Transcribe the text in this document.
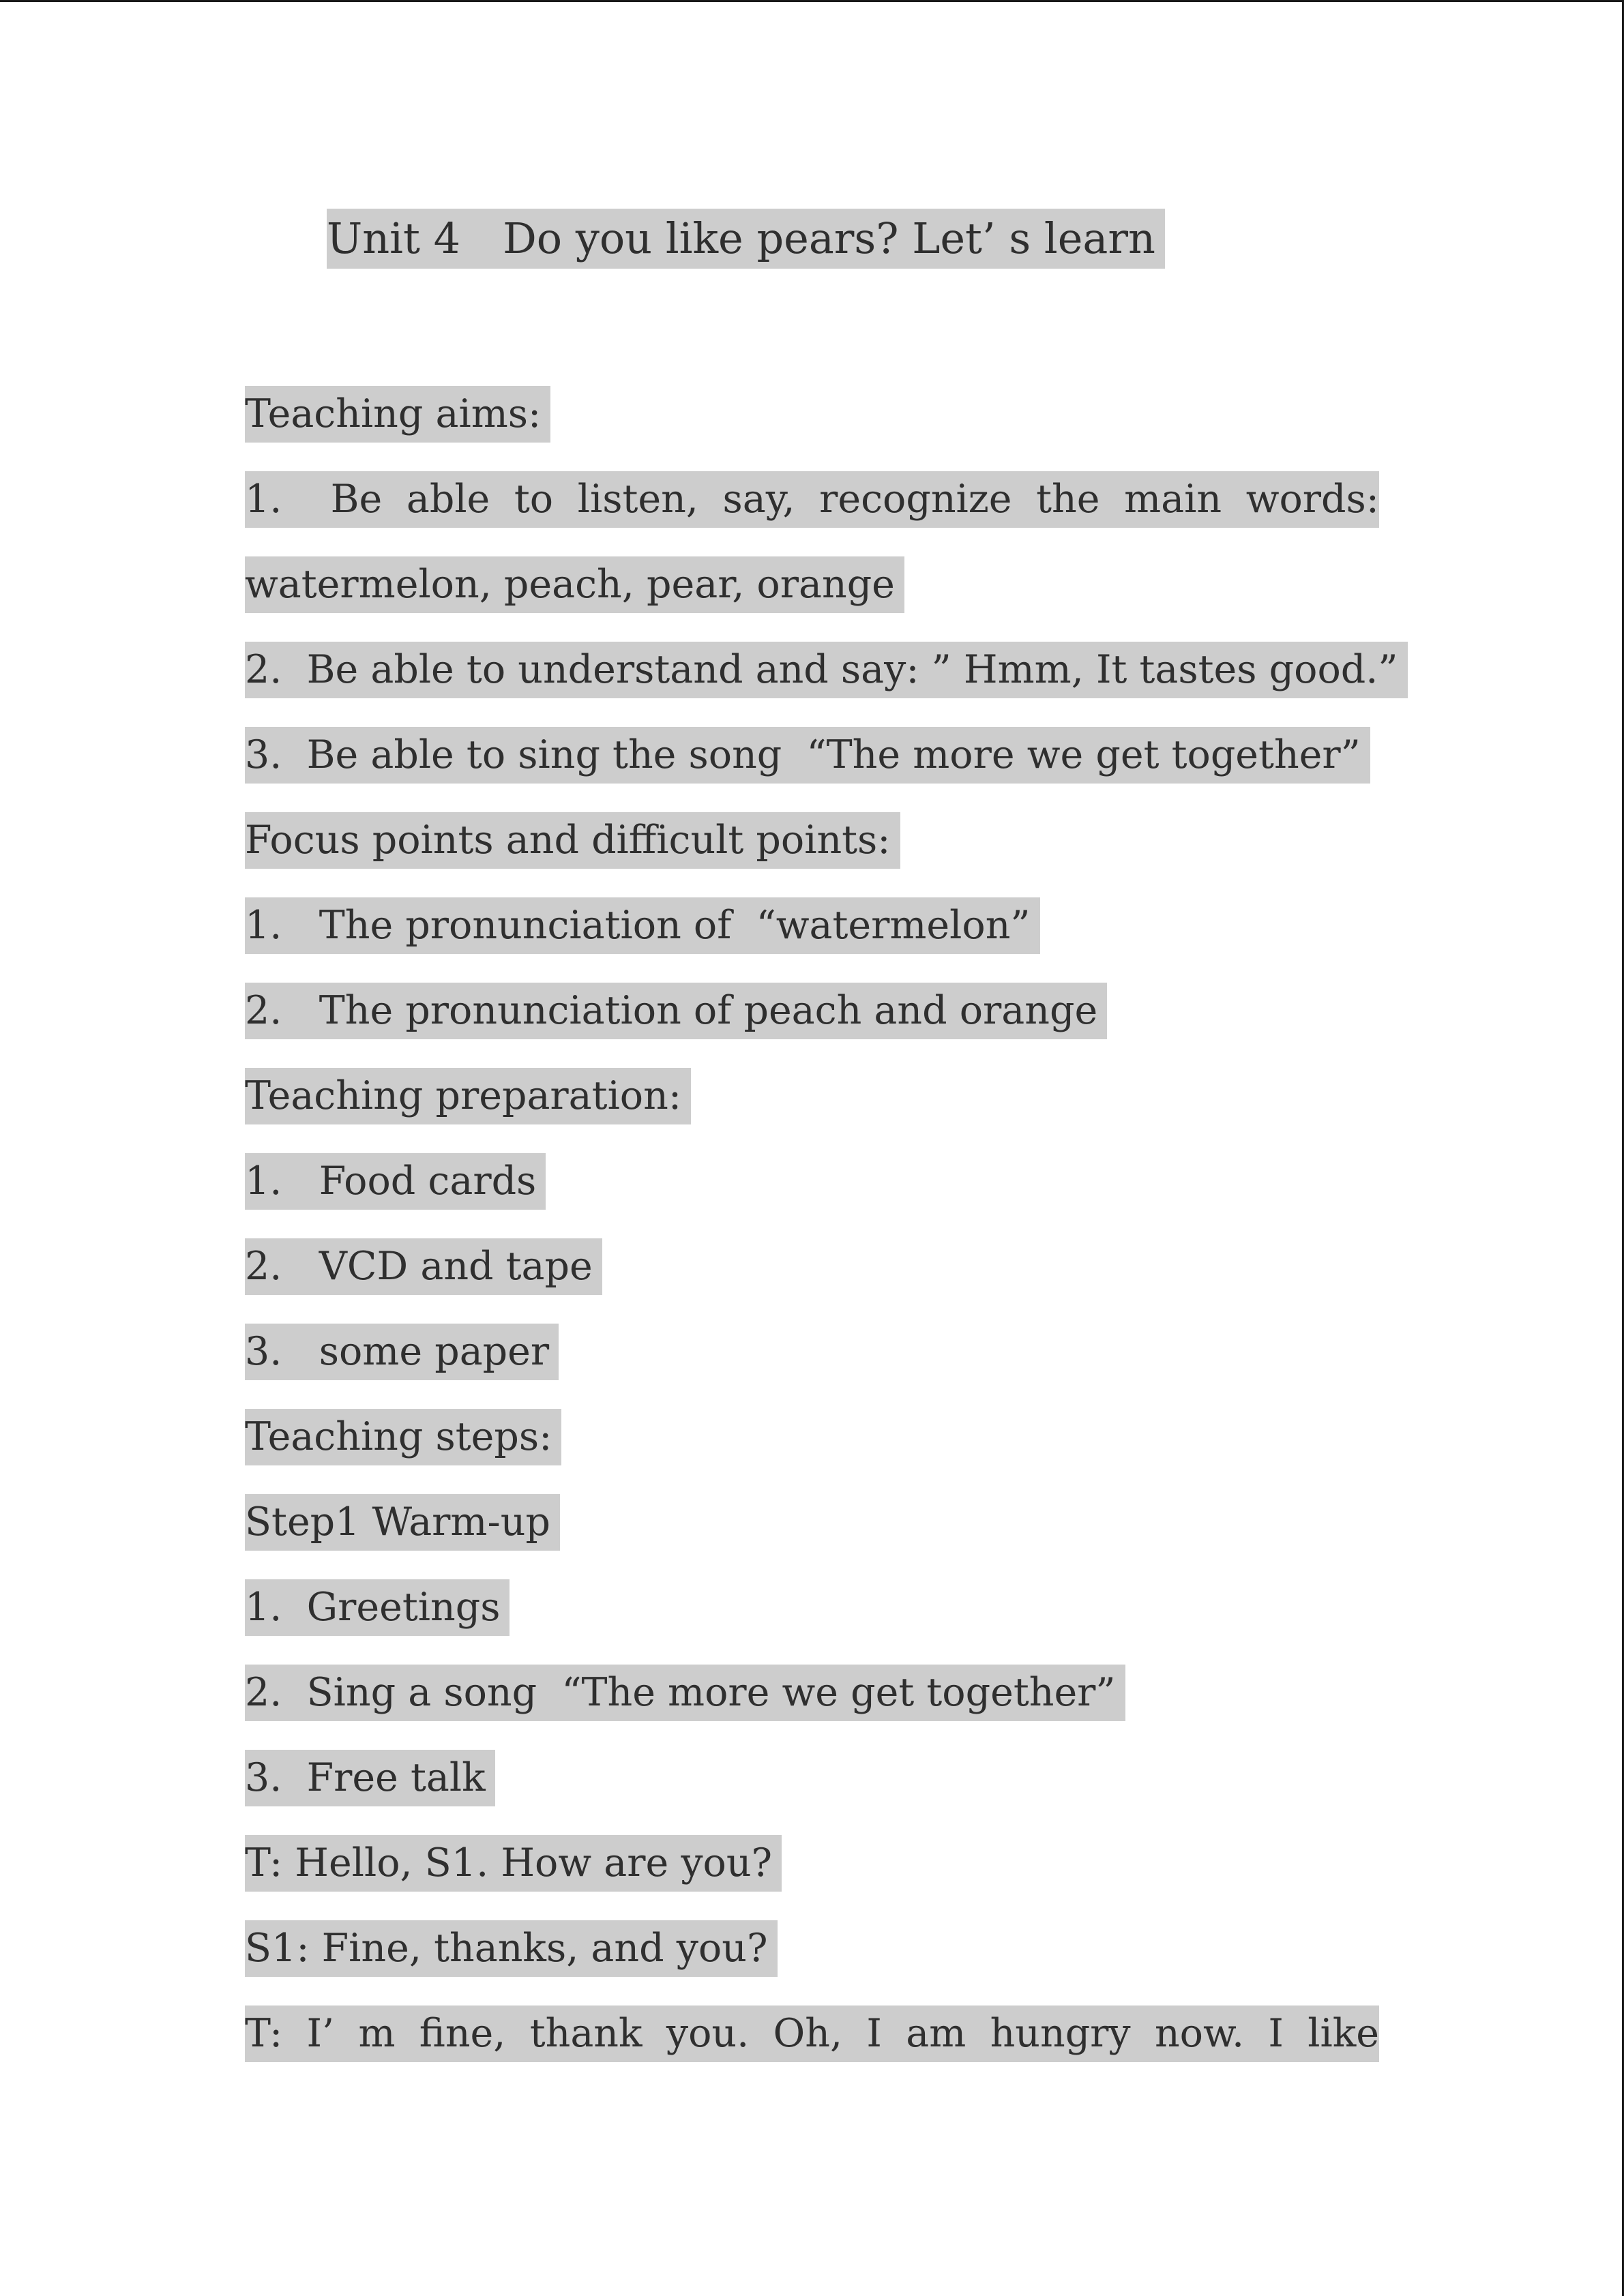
Unit 4 Do you like pears? Let’ s learn
Teaching aims:
1.  Be able to listen, say, recognize the main words:
watermelon, peach, pear, orange
2.  Be able to understand and say: ” Hmm, It tastes good.”
3.  Be able to sing the song  “The more we get together”
Focus points and difficult points:
1.   The pronunciation of  “watermelon”
2.   The pronunciation of peach and orange
Teaching preparation:
1.   Food cards
2.   VCD and tape
3.   some paper
Teaching steps:
Step1 Warm-up
1.  Greetings
2.  Sing a song  “The more we get together”
3.  Free talk
T: Hello, S1. How are you?
S1: Fine, thanks, and you?
T: I’ m fine, thank you. Oh, I am hungry now. I like
